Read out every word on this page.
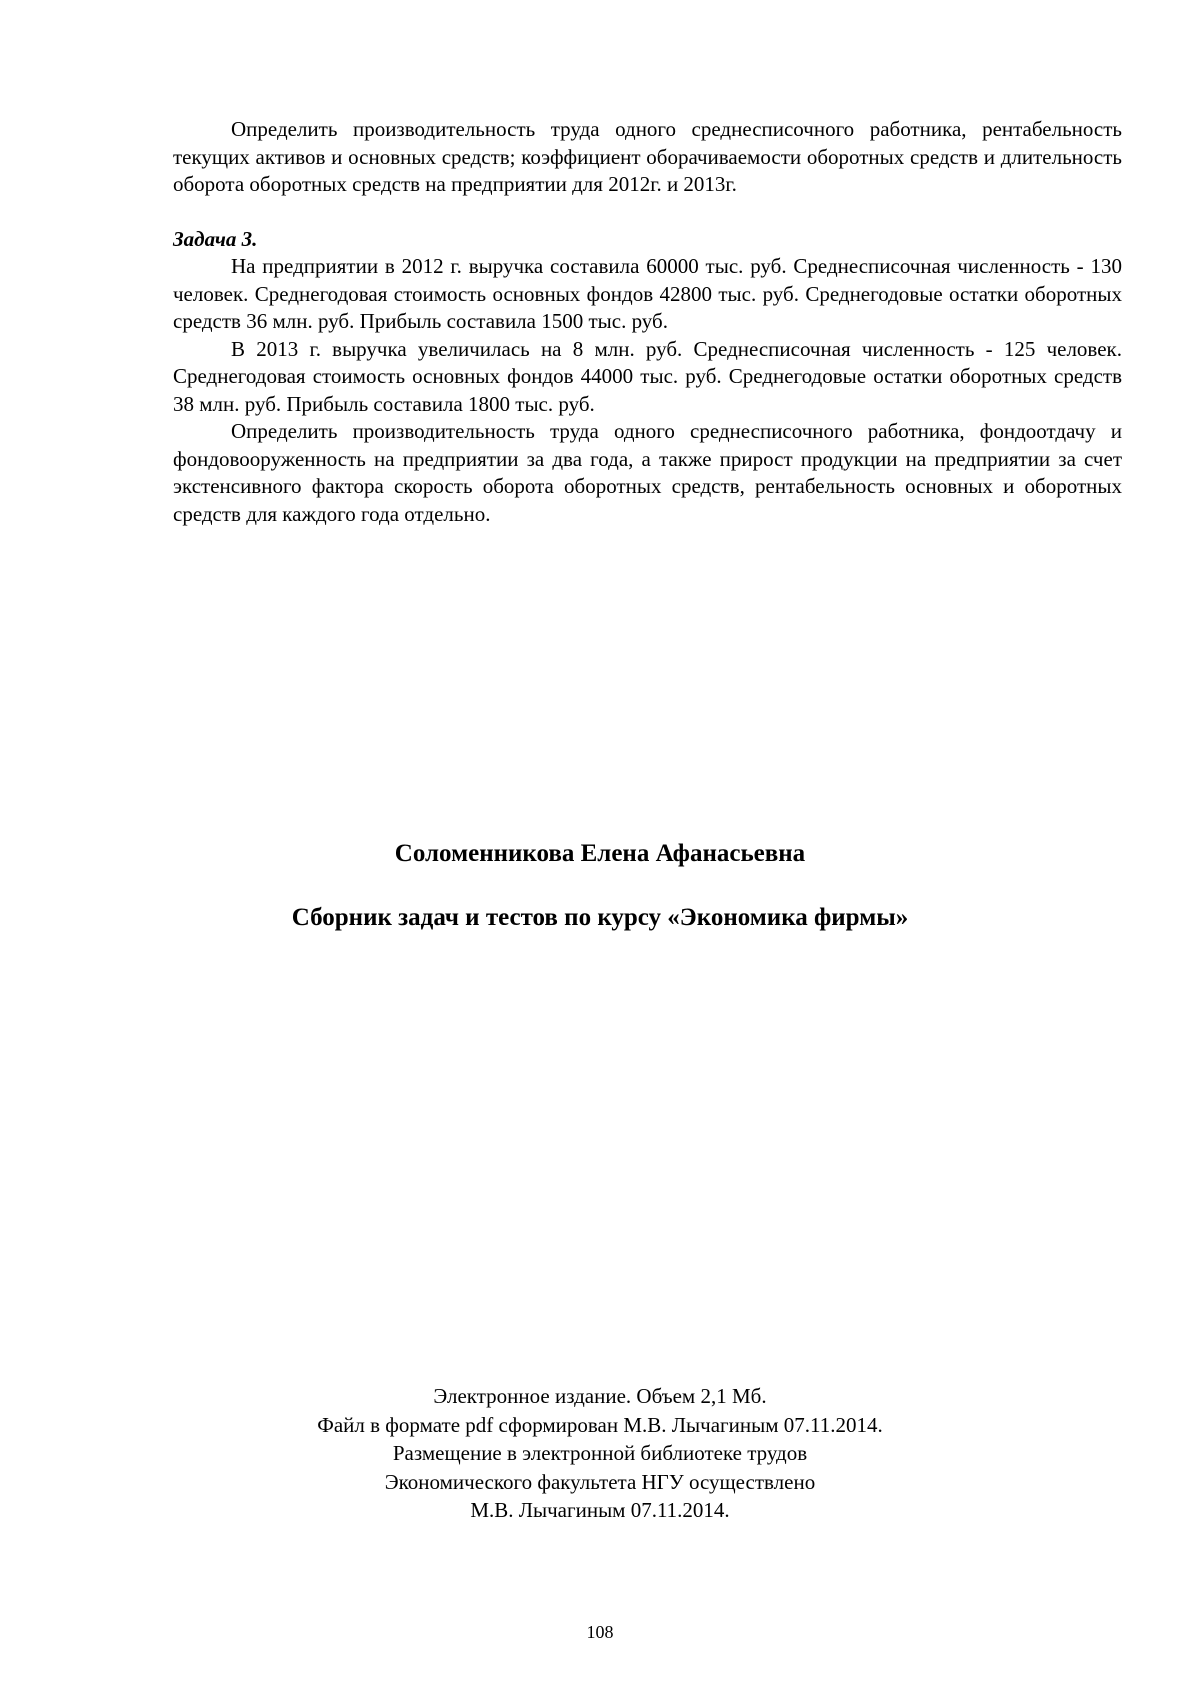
Определить производительность труда одного среднесписочного работника, рентабельность текущих активов и основных средств; коэффициент оборачиваемости оборотных средств и длительность оборота оборотных средств на предприятии для 2012г. и 2013г.

Задача 3.

На предприятии в 2012 г. выручка составила 60000 тыс. руб. Среднесписочная численность - 130 человек. Среднегодовая стоимость основных фондов 42800 тыс. руб. Среднегодовые остатки оборотных средств 36 млн. руб. Прибыль составила 1500 тыс. руб.

В 2013 г. выручка увеличилась на 8 млн. руб. Среднесписочная численность - 125 человек. Среднегодовая стоимость основных фондов 44000 тыс. руб. Среднегодовые остатки оборотных средств 38 млн. руб. Прибыль составила 1800 тыс. руб.

Определить производительность труда одного среднесписочного работника, фондоотдачу и фондовооруженность на предприятии за два года, а также прирост продукции на предприятии за счет экстенсивного фактора скорость оборота оборотных средств, рентабельность основных и оборотных средств для каждого года отдельно.

Соломенникова Елена Афанасьевна

Сборник задач и тестов по курсу «Экономика фирмы»

Электронное издание. Объем 2,1 Мб.

Файл в формате pdf сформирован М.В. Лычагиным 07.11.2014.

Размещение в электронной библиотеке трудов

Экономического факультета НГУ осуществлено

М.В. Лычагиным 07.11.2014.

108
